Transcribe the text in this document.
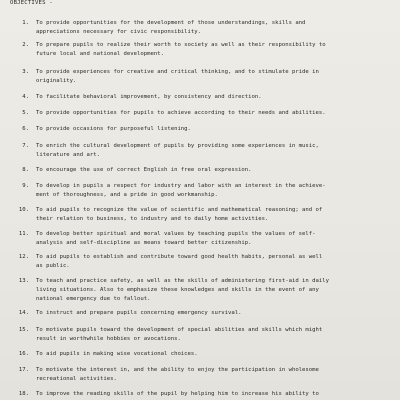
OBJECTIVES -
1. To provide opportunities for the development of those understandings, skills and
appreciations necessary for civic responsibility.
2. To prepare pupils to realize their worth to society as well as their responsibility to
future local and national development.
3. To provide experiences for creative and critical thinking, and to stimulate pride in
originality.
4. To facilitate behavioral improvement, by consistency and direction.
5. To provide opportunities for pupils to achieve according to their needs and abilities.
6. To provide occasions for purposeful listening.
7. To enrich the cultural development of pupils by providing some experiences in music,
literature and art.
8. To encourage the use of correct English in free oral expression.
9. To develop in pupils a respect for industry and labor with an interest in the achieve-
ment of thoroughness, and a pride in good workmanship.
10. To aid pupils to recognize the value of scientific and mathematical reasoning; and of
their relation to business, to industry and to daily home activities.
11. To develop better spiritual and moral values by teaching pupils the values of self-
analysis and self-discipline as means toward better citizenship.
12. To aid pupils to establish and contribute toward good health habits, personal as well
as public.
13. To teach and practice safety, as well as the skills of administering first-aid in daily
living situations. Also to emphasize these knowledges and skills in the event of any
national emergency due to fallout.
14. To instruct and prepare pupils concerning emergency survival.
15. To motivate pupils toward the development of special abilities and skills which might
result in worthwhile hobbies or avocations.
16. To aid pupils in making wise vocational choices.
17. To motivate the interest in, and the ability to enjoy the participation in wholesome
recreational activities.
18. To improve the reading skills of the pupil by helping him to increase his ability to
